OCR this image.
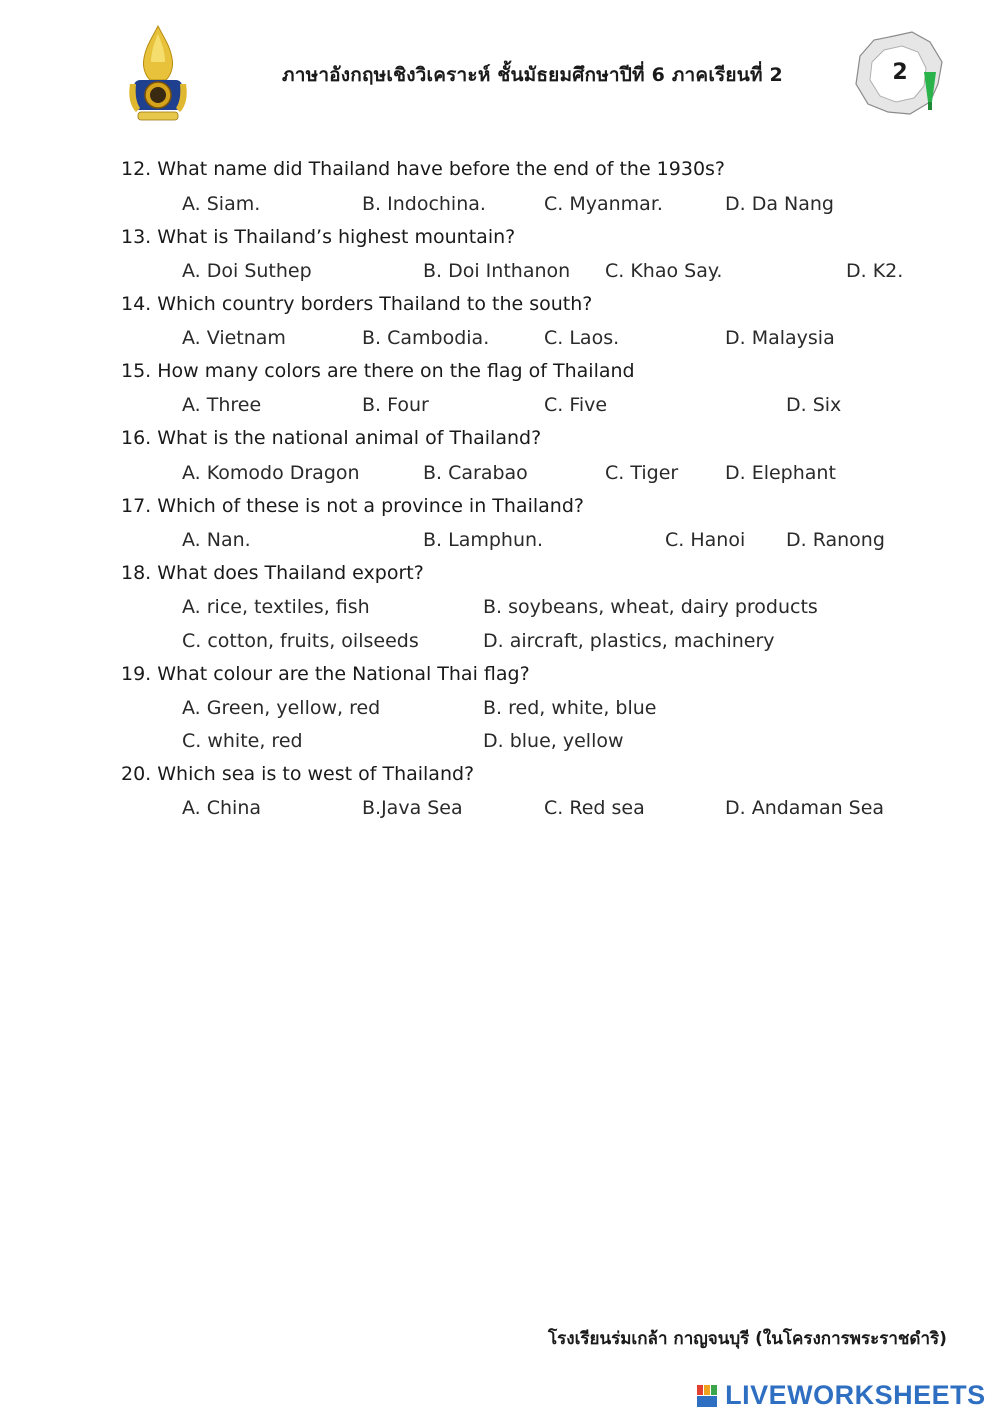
ภาษาอังกฤษเชิงวิเคราะห์ ชั้นมัธยมศึกษาปีที่ 6 ภาคเรียนที่ 2	2
12. What name did Thailand have before the end of the 1930s?
A. Siam.	B. Indochina.	C. Myanmar.	D. Da Nang
13. What is Thailand’s highest mountain?
A. Doi Suthep	B. Doi Inthanon C. Khao Say.	D. K2.
14. Which country borders Thailand to the south?
A. Vietnam	B. Cambodia.	C. Laos.	D. Malaysia
15. How many colors are there on the flag of Thailand
A. Three	B. Four	C. Five	D. Six
16. What is the national animal of Thailand?
A. Komodo Dragon	B. Carabao	C. Tiger D. Elephant
17. Which of these is not a province in Thailand?
A. Nan.	B. Lamphun.	C. Hanoi D. Ranong
18. What does Thailand export?
A. rice, textiles, fish	B. soybeans, wheat, dairy products
C. cotton, fruits, oilseeds	D. aircraft, plastics, machinery
19. What colour are the National Thai flag?
A. Green, yellow, red	B. red, white, blue
C. white, red	D. blue, yellow
20. Which sea is to west of Thailand?
A. China	B.Java Sea	C. Red sea	D. Andaman Sea
โรงเรียนร่มเกล้า กาญจนบุรี (ในโครงการพระราชดำริ)
LIVEWORKSHEETS
